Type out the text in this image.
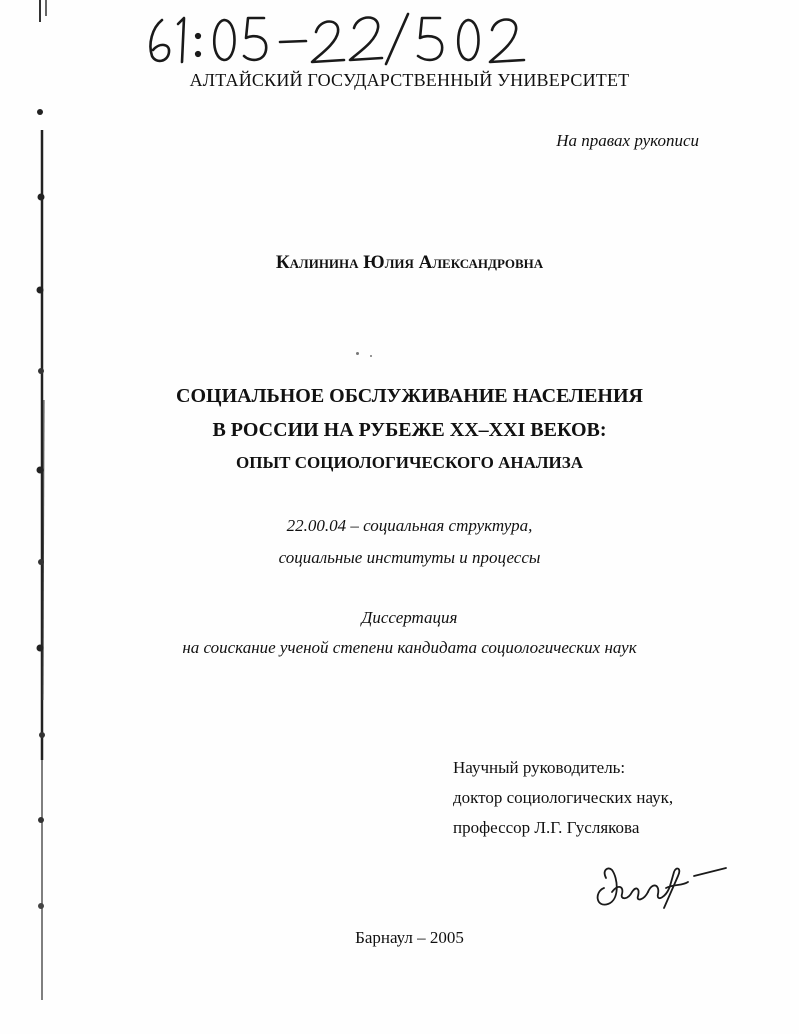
АЛТАЙСКИЙ ГОСУДАРСТВЕННЫЙ УНИВЕРСИТЕТ
На правах рукописи
Калинина Юлия Александровна
СОЦИАЛЬНОЕ ОБСЛУЖИВАНИЕ НАСЕЛЕНИЯ
В РОССИИ НА РУБЕЖЕ XX–XXI ВЕКОВ:
ОПЫТ СОЦИОЛОГИЧЕСКОГО АНАЛИЗА
22.00.04 – социальная структура,
социальные институты и процессы
Диссертация
на соискание ученой степени кандидата социологических наук
Научный руководитель:
доктор социологических наук,
профессор Л.Г. Гуслякова
Барнаул – 2005
